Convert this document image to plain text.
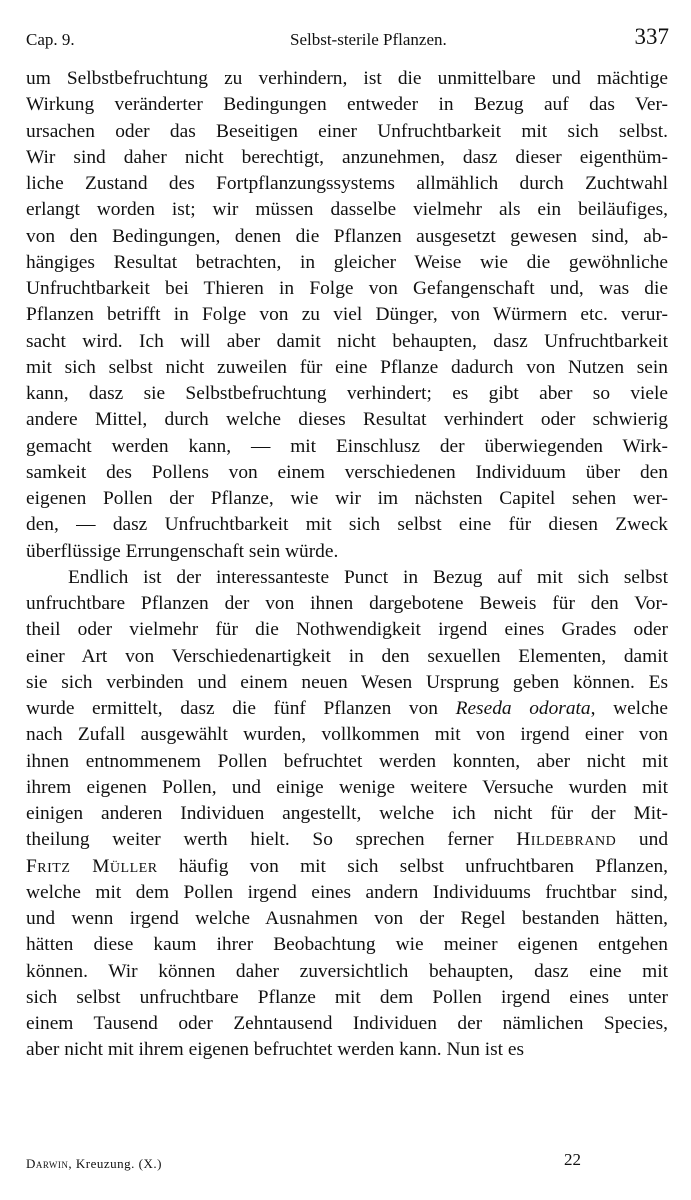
Cap. 9.	Selbst-sterile Pflanzen.	337
um Selbstbefruchtung zu verhindern, ist die unmittelbare und mächtige
Wirkung veränderter Bedingungen entweder in Bezug auf das Ver-
ursachen oder das Beseitigen einer Unfruchtbarkeit mit sich selbst.
Wir sind daher nicht berechtigt, anzunehmen, dasz dieser eigenthüm-
liche Zustand des Fortpflanzungssystems allmählich durch Zuchtwahl
erlangt worden ist; wir müssen dasselbe vielmehr als ein beiläufiges,
von den Bedingungen, denen die Pflanzen ausgesetzt gewesen sind, ab-
hängiges Resultat betrachten, in gleicher Weise wie die gewöhnliche
Unfruchtbarkeit bei Thieren in Folge von Gefangenschaft und, was die
Pflanzen betrifft in Folge von zu viel Dünger, von Würmern etc. verur-
sacht wird. Ich will aber damit nicht behaupten, dasz Unfruchtbarkeit
mit sich selbst nicht zuweilen für eine Pflanze dadurch von Nutzen sein
kann, dasz sie Selbstbefruchtung verhindert; es gibt aber so viele
andere Mittel, durch welche dieses Resultat verhindert oder schwierig
gemacht werden kann, — mit Einschlusz der überwiegenden Wirk-
samkeit des Pollens von einem verschiedenen Individuum über den
eigenen Pollen der Pflanze, wie wir im nächsten Capitel sehen wer-
den, — dasz Unfruchtbarkeit mit sich selbst eine für diesen Zweck
überflüssige Errungenschaft sein würde.
Endlich ist der interessanteste Punct in Bezug auf mit sich selbst
unfruchtbare Pflanzen der von ihnen dargebotene Beweis für den Vor-
theil oder vielmehr für die Nothwendigkeit irgend eines Grades oder
einer Art von Verschiedenartigkeit in den sexuellen Elementen, damit
sie sich verbinden und einem neuen Wesen Ursprung geben können. Es
wurde ermittelt, dasz die fünf Pflanzen von Reseda odorata, welche
nach Zufall ausgewählt wurden, vollkommen mit von irgend einer von
ihnen entnommenem Pollen befruchtet werden konnten, aber nicht mit
ihrem eigenen Pollen, und einige wenige weitere Versuche wurden mit
einigen anderen Individuen angestellt, welche ich nicht für der Mit-
theilung weiter werth hielt. So sprechen ferner Hildebrand und
Fritz Müller häufig von mit sich selbst unfruchtbaren Pflanzen,
welche mit dem Pollen irgend eines andern Individuums fruchtbar sind,
und wenn irgend welche Ausnahmen von der Regel bestanden hätten,
hätten diese kaum ihrer Beobachtung wie meiner eigenen entgehen
können. Wir können daher zuversichtlich behaupten, dasz eine mit
sich selbst unfruchtbare Pflanze mit dem Pollen irgend eines unter
einem Tausend oder Zehntausend Individuen der nämlichen Species,
aber nicht mit ihrem eigenen befruchtet werden kann. Nun ist es
Darwin, Kreuzung. (X.)	22
